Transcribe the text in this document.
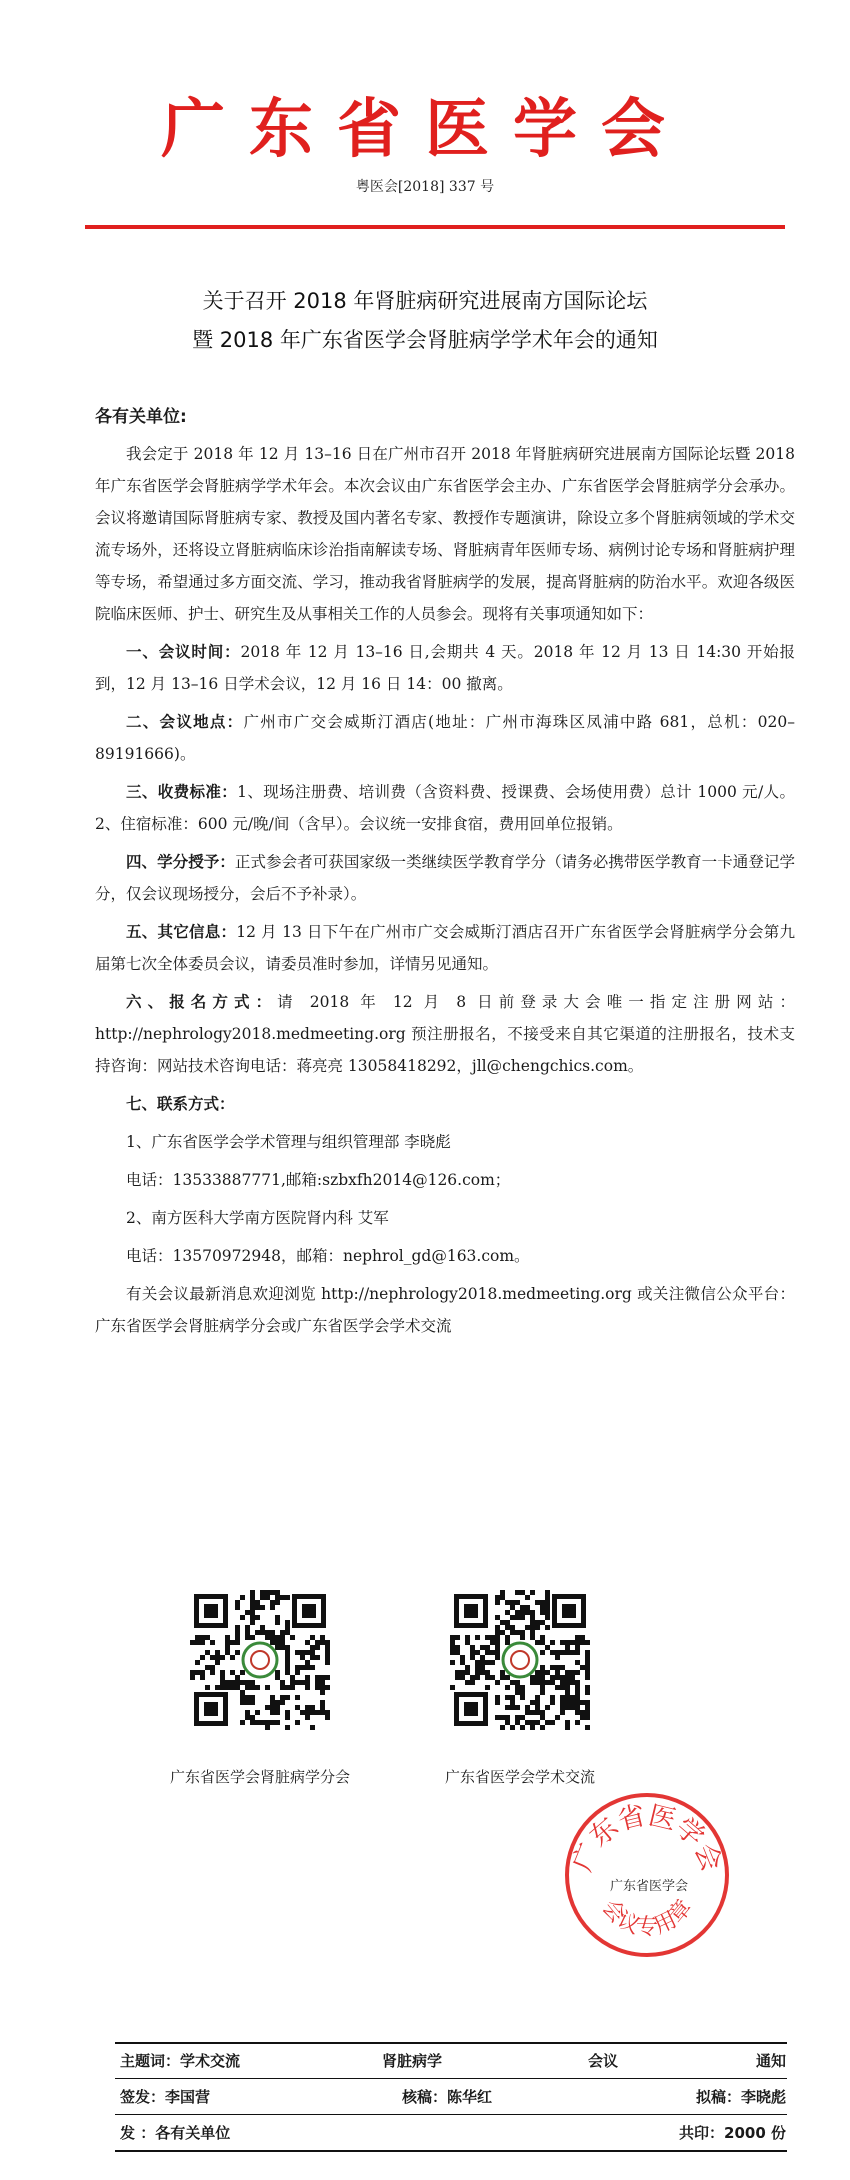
广东省医学会
粤医会[2018] 337 号
关于召开 2018 年肾脏病研究进展南方国际论坛
暨 2018 年广东省医学会肾脏病学学术年会的通知
各有关单位:

我会定于 2018 年 12 月 13–16 日在广州市召开 2018 年肾脏病研究进展南方国际论坛暨 2018 年广东省医学会肾脏病学学术年会。本次会议由广东省医学会主办、广东省医学会肾脏病学分会承办。会议将邀请国际肾脏病专家、教授及国内著名专家、教授作专题演讲，除设立多个肾脏病领域的学术交流专场外，还将设立肾脏病临床诊治指南解读专场、肾脏病青年医师专场、病例讨论专场和肾脏病护理等专场，希望通过多方面交流、学习，推动我省肾脏病学的发展，提高肾脏病的防治水平。欢迎各级医院临床医师、护士、研究生及从事相关工作的人员参会。现将有关事项通知如下：

一、会议时间：2018 年 12 月 13–16 日,会期共 4 天。2018 年 12 月 13 日 14:30 开始报到，12 月 13–16 日学术会议，12 月 16 日 14：00 撤离。

二、会议地点：广州市广交会威斯汀酒店(地址：广州市海珠区凤浦中路 681，总机：020–89191666)。

三、收费标准：1、现场注册费、培训费（含资料费、授课费、会场使用费）总计 1000 元/人。2、住宿标准：600 元/晚/间（含早）。会议统一安排食宿，费用回单位报销。

四、学分授予：正式参会者可获国家级一类继续医学教育学分（请务必携带医学教育一卡通登记学分，仅会议现场授分，会后不予补录）。

五、其它信息：12 月 13 日下午在广州市广交会威斯汀酒店召开广东省医学会肾脏病学分会第九届第七次全体委员会议，请委员准时参加，详情另见通知。

六、报名方式：请 2018 年 12 月 8 日前登录大会唯一指定注册网站：http://nephrology2018.medmeeting.org 预注册报名，不接受来自其它渠道的注册报名，技术支持咨询：网站技术咨询电话：蒋亮亮 13058418292，jll@chengchics.com。

七、联系方式：

1、广东省医学会学术管理与组织管理部 李晓彪

电话：13533887771,邮箱:szbxfh2014@126.com；

2、南方医科大学南方医院肾内科 艾军

电话：13570972948，邮箱：nephrol_gd@163.com。

有关会议最新消息欢迎浏览 http://nephrology2018.medmeeting.org 或关注微信公众平台：广东省医学会肾脏病学分会或广东省医学会学术交流

广东省医学会肾脏病学分会	广东省医学会学术交流
广东省医学会
会议专用章
广东省医学会
主题词：学术交流	肾脏病学	会议	通知
签发：李国营	核稿：陈华红	拟稿：李晓彪
发 ：各有关单位	共印：2000 份
